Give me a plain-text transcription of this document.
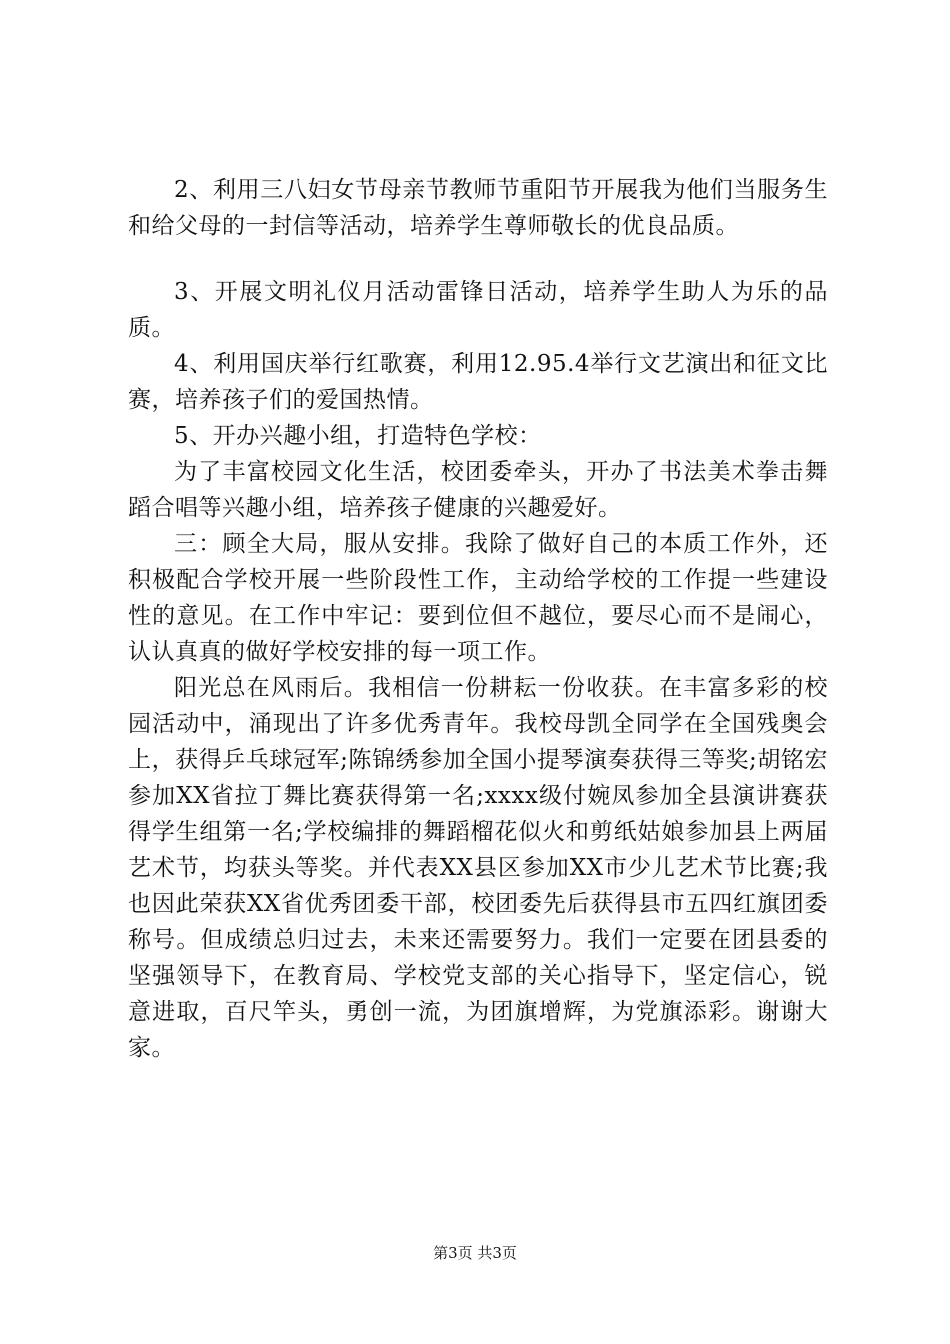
2、利用三八妇女节母亲节教师节重阳节开展我为他们当服务生和给父母的一封信等活动，培养学生尊师敬长的优良品质。

3、开展文明礼仪月活动雷锋日活动，培养学生助人为乐的品质。

4、利用国庆举行红歌赛，利用12.95.4举行文艺演出和征文比赛，培养孩子们的爱国热情。

5、开办兴趣小组，打造特色学校：

为了丰富校园文化生活，校团委牵头，开办了书法美术拳击舞蹈合唱等兴趣小组，培养孩子健康的兴趣爱好。

三：顾全大局，服从安排。我除了做好自己的本质工作外，还积极配合学校开展一些阶段性工作，主动给学校的工作提一些建设性的意见。在工作中牢记：要到位但不越位，要尽心而不是闹心，认认真真的做好学校安排的每一项工作。

阳光总在风雨后。我相信一份耕耘一份收获。在丰富多彩的校园活动中，涌现出了许多优秀青年。我校母凯全同学在全国残奥会上，获得乒乓球冠军;陈锦绣参加全国小提琴演奏获得三等奖;胡铭宏参加XX省拉丁舞比赛获得第一名;xxxx级付婉凤参加全县演讲赛获得学生组第一名;学校编排的舞蹈榴花似火和剪纸姑娘参加县上两届艺术节，均获头等奖。并代表XX县区参加XX市少儿艺术节比赛;我也因此荣获XX省优秀团委干部，校团委先后获得县市五四红旗团委称号。但成绩总归过去，未来还需要努力。我们一定要在团县委的坚强领导下，在教育局、学校党支部的关心指导下，坚定信心，锐意进取，百尺竿头，勇创一流，为团旗增辉，为党旗添彩。谢谢大家。

第3页 共3页
